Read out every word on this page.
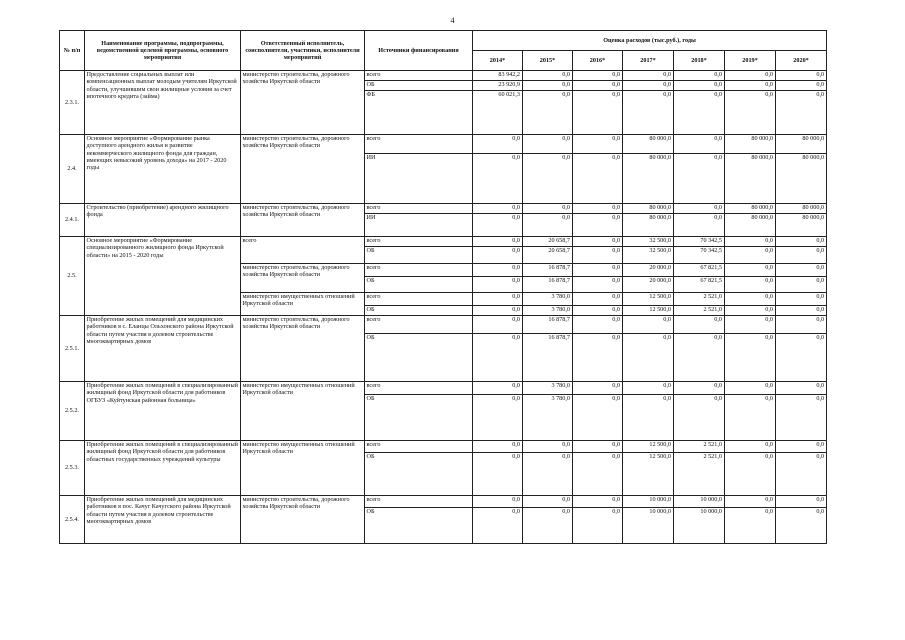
4
№ п/п	Наименование программы, подпрограммы, ведомственной целевой программы, основного мероприятия	Ответственный исполнитель, соисполнители, участники, исполнители мероприятий	Источники финансирования	Оценка расходов (тыс.руб.), годы						
				2014*	2015*	2016*	2017*	2018*	2019*	2020*
2.3.1.	Предоставление социальных выплат или компенсационных выплат молодым учителям Иркутской области, улучшившим свои жилищные условия за счет ипотечного кредита (займа)	министерство строительства, дорожного хозяйства Иркутской области	всего	83 942,2	0,0	0,0	0,0	0,0	0,0	0,0
			ОБ	23 920,9	0,0	0,0	0,0	0,0	0,0	0,0
			ФБ	60 021,3	0,0	0,0	0,0	0,0	0,0	0,0
2.4.	Основное мероприятие «Формирование рынка доступного арендного жилья и развитие некоммерческого жилищного фонда для граждан, имеющих невысокий уровень дохода» на 2017 - 2020 годы	министерство строительства, дорожного хозяйства Иркутской области	всего	0,0	0,0	0,0	80 000,0	0,0	80 000,0	80 000,0
			ИИ	0,0	0,0	0,0	80 000,0	0,0	80 000,0	80 000,0
2.4.1.	Строительство (приобретение) арендного жилищного фонда	министерство строительства, дорожного хозяйства Иркутской области	всего	0,0	0,0	0,0	80 000,0	0,0	80 000,0	80 000,0
			ИИ	0,0	0,0	0,0	80 000,0	0,0	80 000,0	80 000,0
2.5.	Основное мероприятие «Формирование специализированного жилищного фонда Иркутской области» на 2015 - 2020 годы	всего	всего	0,0	20 658,7	0,0	32 500,0	70 342,5	0,0	0,0
			ОБ	0,0	20 658,7	0,0	32 500,0	70 342,5	0,0	0,0
		министерство строительства, дорожного хозяйства Иркутской области	всего	0,0	16 878,7	0,0	20 000,0	67 821,5	0,0	0,0
			ОБ	0,0	16 878,7	0,0	20 000,0	67 821,5	0,0	0,0
		министерство имущественных отношений Иркутской области	всего	0,0	3 780,0	0,0	12 500,0	2 521,0	0,0	0,0
			ОБ	0,0	3 780,0	0,0	12 500,0	2 521,0	0,0	0,0
2.5.1.	Приобретение жилых помещений для медицинских работников в с. Еланцы Ольхонского района Иркутской области путем участия в долевом строительстве многоквартирных домов	министерство строительства, дорожного хозяйства Иркутской области	всего	0,0	16 878,7	0,0	0,0	0,0	0,0	0,0
			ОБ	0,0	16 878,7	0,0	0,0	0,0	0,0	0,0
2.5.2.	Приобретение жилых помещений в специализированный жилищный фонд Иркутской области для работников ОГБУЗ «Куйтунская районная больница»	министерство имущественных отношений Иркутской области	всего	0,0	3 780,0	0,0	0,0	0,0	0,0	0,0
			ОБ	0,0	3 780,0	0,0	0,0	0,0	0,0	0,0
2.5.3.	Приобретение жилых помещений в специализированный жилищный фонд Иркутской области для работников областных государственных учреждений культуры	министерство имущественных отношений Иркутской области	всего	0,0	0,0	0,0	12 500,0	2 521,0	0,0	0,0
			ОБ	0,0	0,0	0,0	12 500,0	2 521,0	0,0	0,0
2.5.4.	Приобретение жилых помещений для медицинских работников в пос. Качуг Качугского района Иркутской области путем участия в долевом строительстве многоквартирных домов	министерство строительства, дорожного хозяйства Иркутской области	всего	0,0	0,0	0,0	10 000,0	10 000,0	0,0	0,0
			ОБ	0,0	0,0	0,0	10 000,0	10 000,0	0,0	0,0
